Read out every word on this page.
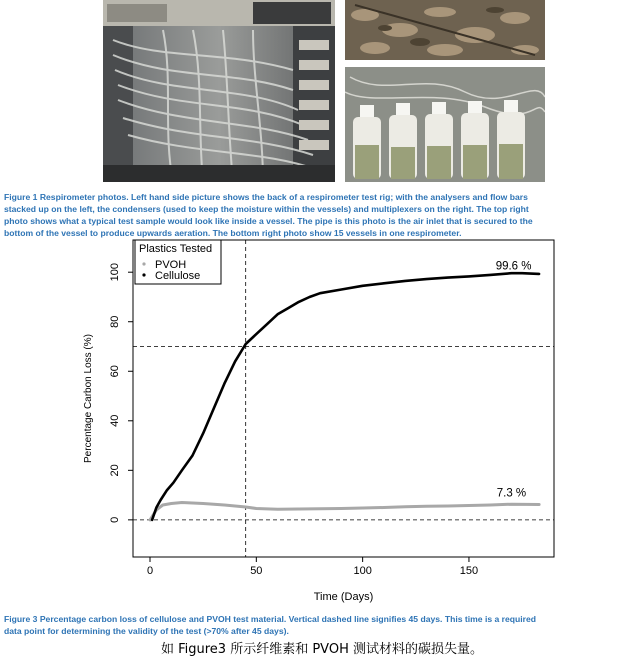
Figure 1 Respirometer photos. Left hand side picture shows the back of a respirometer test rig; with the analysers and flow bars
stacked up on the left, the condensers (used to keep the moisture within the vessels) and multiplexers on the right. The top right
photo shows what a typical test sample would look like inside a vessel. The pipe is this photo is the air inlet that is secured to the
bottom of the vessel to produce upwards aeration. The bottom right photo show 15 vessels in one respirometer.
0	50	100	150
0
20
40
60
80
100
Time (Days)
Percentage Carbon Loss (%)
Plastics Tested
PVOH
Cellulose
99.6 %
7.3 %
Figure 3 Percentage carbon loss of cellulose and PVOH test material. Vertical dashed line signifies 45 days. This time is a required
data point for determining the validity of the test (>70% after 45 days).
如 Figure3 所示纤维素和 PVOH 测试材料的碳损失量。
